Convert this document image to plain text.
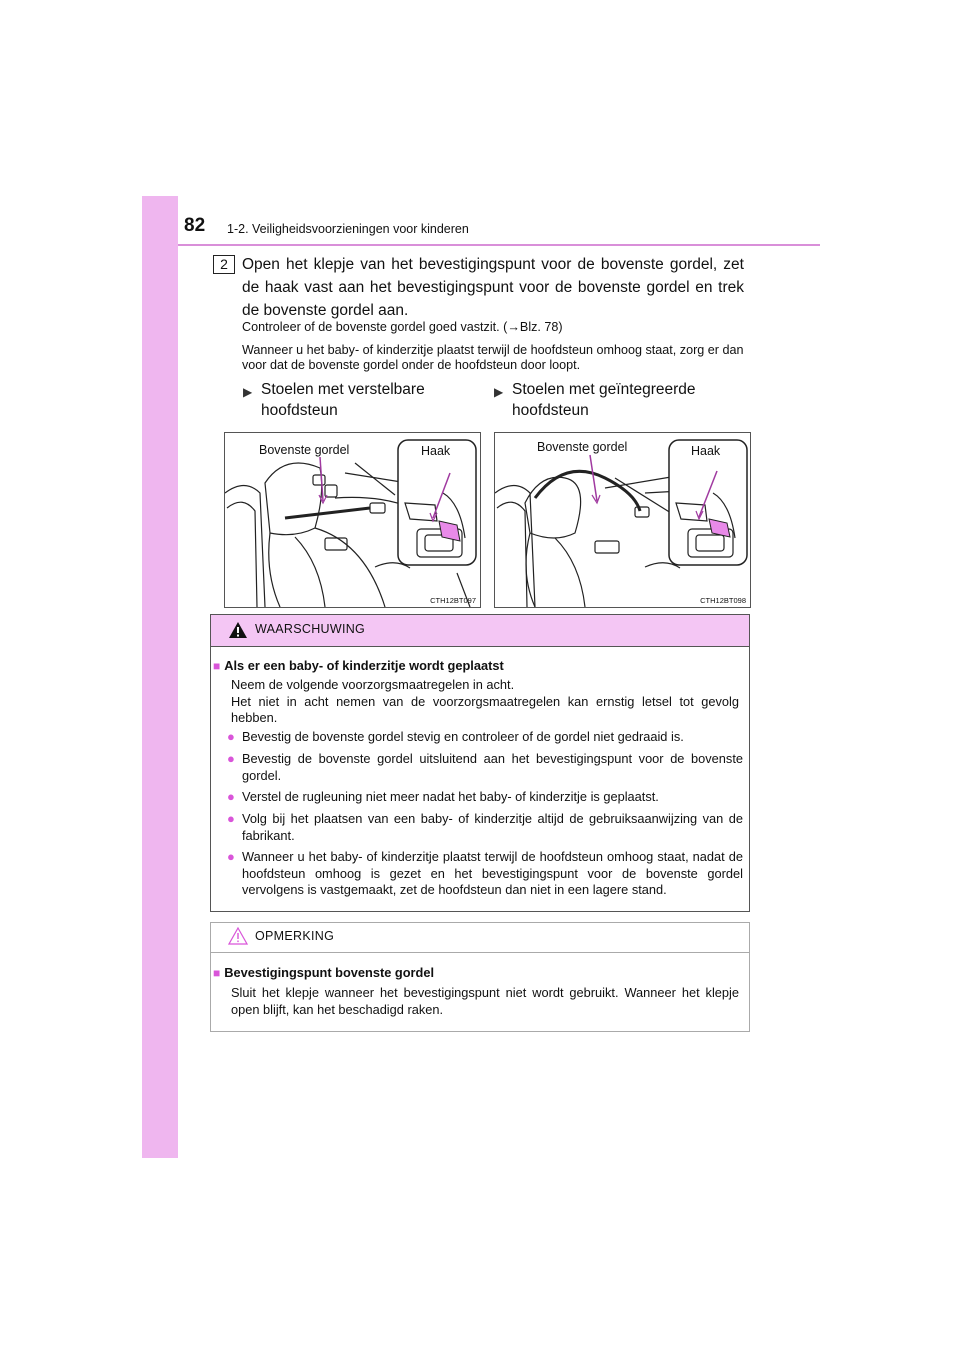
82 1-2. Veiligheidsvoorzieningen voor kinderen
2 Open het klepje van het bevestigingspunt voor de bovenste gordel, zet de haak vast aan het bevestigingspunt voor de bovenste gordel en trek de bovenste gordel aan.
Controleer of de bovenste gordel goed vastzit. (→Blz. 78)
Wanneer u het baby- of kinderzitje plaatst terwijl de hoofdsteun omhoog staat, zorg er dan voor dat de bovenste gordel onder de hoofdsteun door loopt.
▶ Stoelen met verstelbare hoofdsteun
▶ Stoelen met geïntegreerde hoofdsteun
Bovenste gordel	Haak
CTH12BT097
Bovenste gordel	Haak
CTH12BT098
WAARSCHUWING
■ Als er een baby- of kinderzitje wordt geplaatst
Neem de volgende voorzorgsmaatregelen in acht.
Het niet in acht nemen van de voorzorgsmaatregelen kan ernstig letsel tot gevolg hebben.
● Bevestig de bovenste gordel stevig en controleer of de gordel niet gedraaid is.
● Bevestig de bovenste gordel uitsluitend aan het bevestigingspunt voor de bovenste gordel.
● Verstel de rugleuning niet meer nadat het baby- of kinderzitje is geplaatst.
● Volg bij het plaatsen van een baby- of kinderzitje altijd de gebruiksaanwijzing van de fabrikant.
● Wanneer u het baby- of kinderzitje plaatst terwijl de hoofdsteun omhoog staat, nadat de hoofdsteun omhoog is gezet en het bevestigingspunt voor de bovenste gordel vervolgens is vastgemaakt, zet de hoofdsteun dan niet in een lagere stand.
OPMERKING
■ Bevestigingspunt bovenste gordel
Sluit het klepje wanneer het bevestigingspunt niet wordt gebruikt. Wanneer het klepje open blijft, kan het beschadigd raken.
